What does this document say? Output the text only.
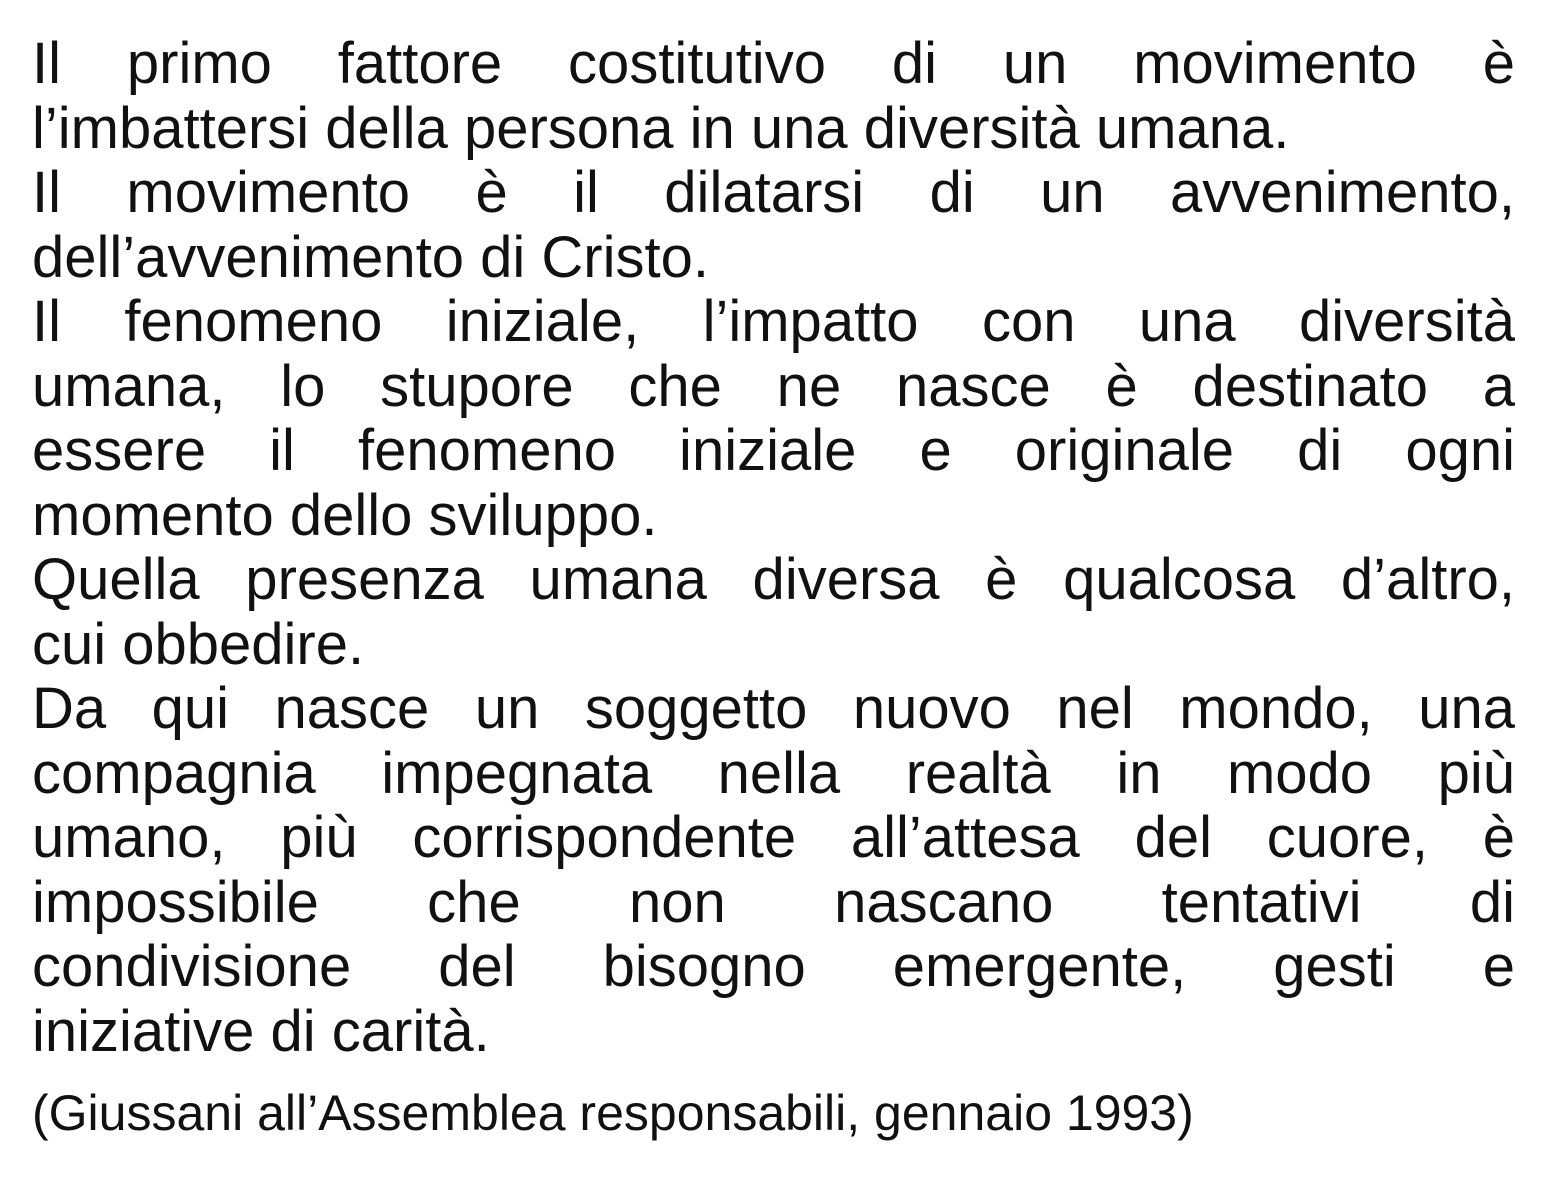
Il primo fattore costitutivo di un movimento è
l’imbattersi della persona in una diversità umana.
Il movimento è il dilatarsi di un avvenimento,
dell’avvenimento di Cristo.
Il fenomeno iniziale, l’impatto con una diversità
umana, lo stupore che ne nasce è destinato a
essere il fenomeno iniziale e originale di ogni
momento dello sviluppo.
Quella presenza umana diversa è qualcosa d’altro,
cui obbedire.
Da qui nasce un soggetto nuovo nel mondo, una
compagnia impegnata nella realtà in modo più
umano, più corrispondente all’attesa del cuore, è
impossibile che non nascano tentativi di
condivisione del bisogno emergente, gesti e
iniziative di carità.
(Giussani all’Assemblea responsabili, gennaio 1993)
